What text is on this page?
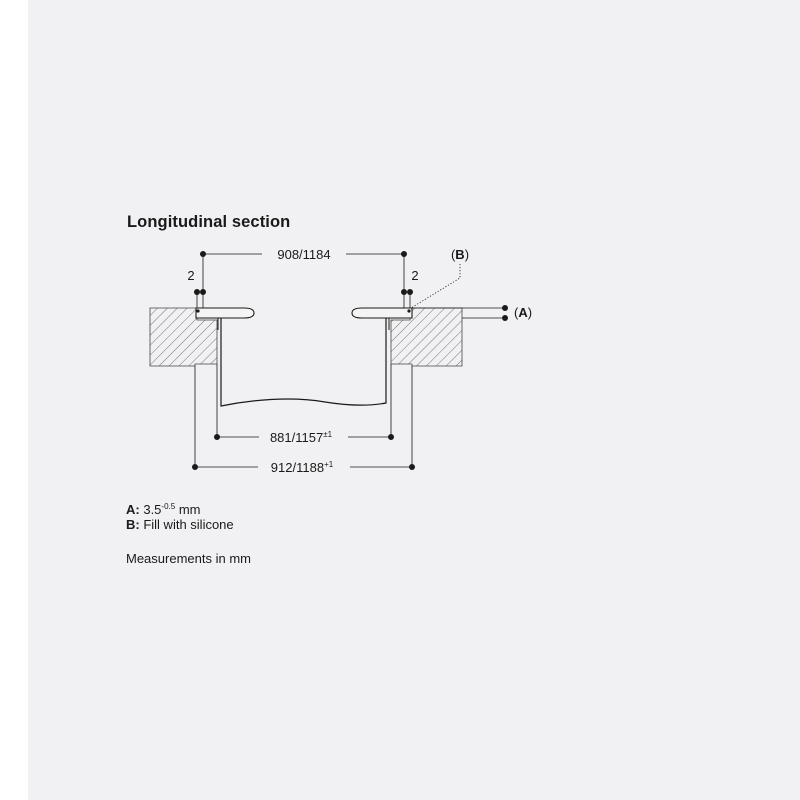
Longitudinal section
908/1184
2	2
(B)
(A)
$881/1157^{\pm 1}$
$912/1188^{+1}$
A: $3.5^{-0.5}$ mm
B: Fill with silicone
Measurements in mm
